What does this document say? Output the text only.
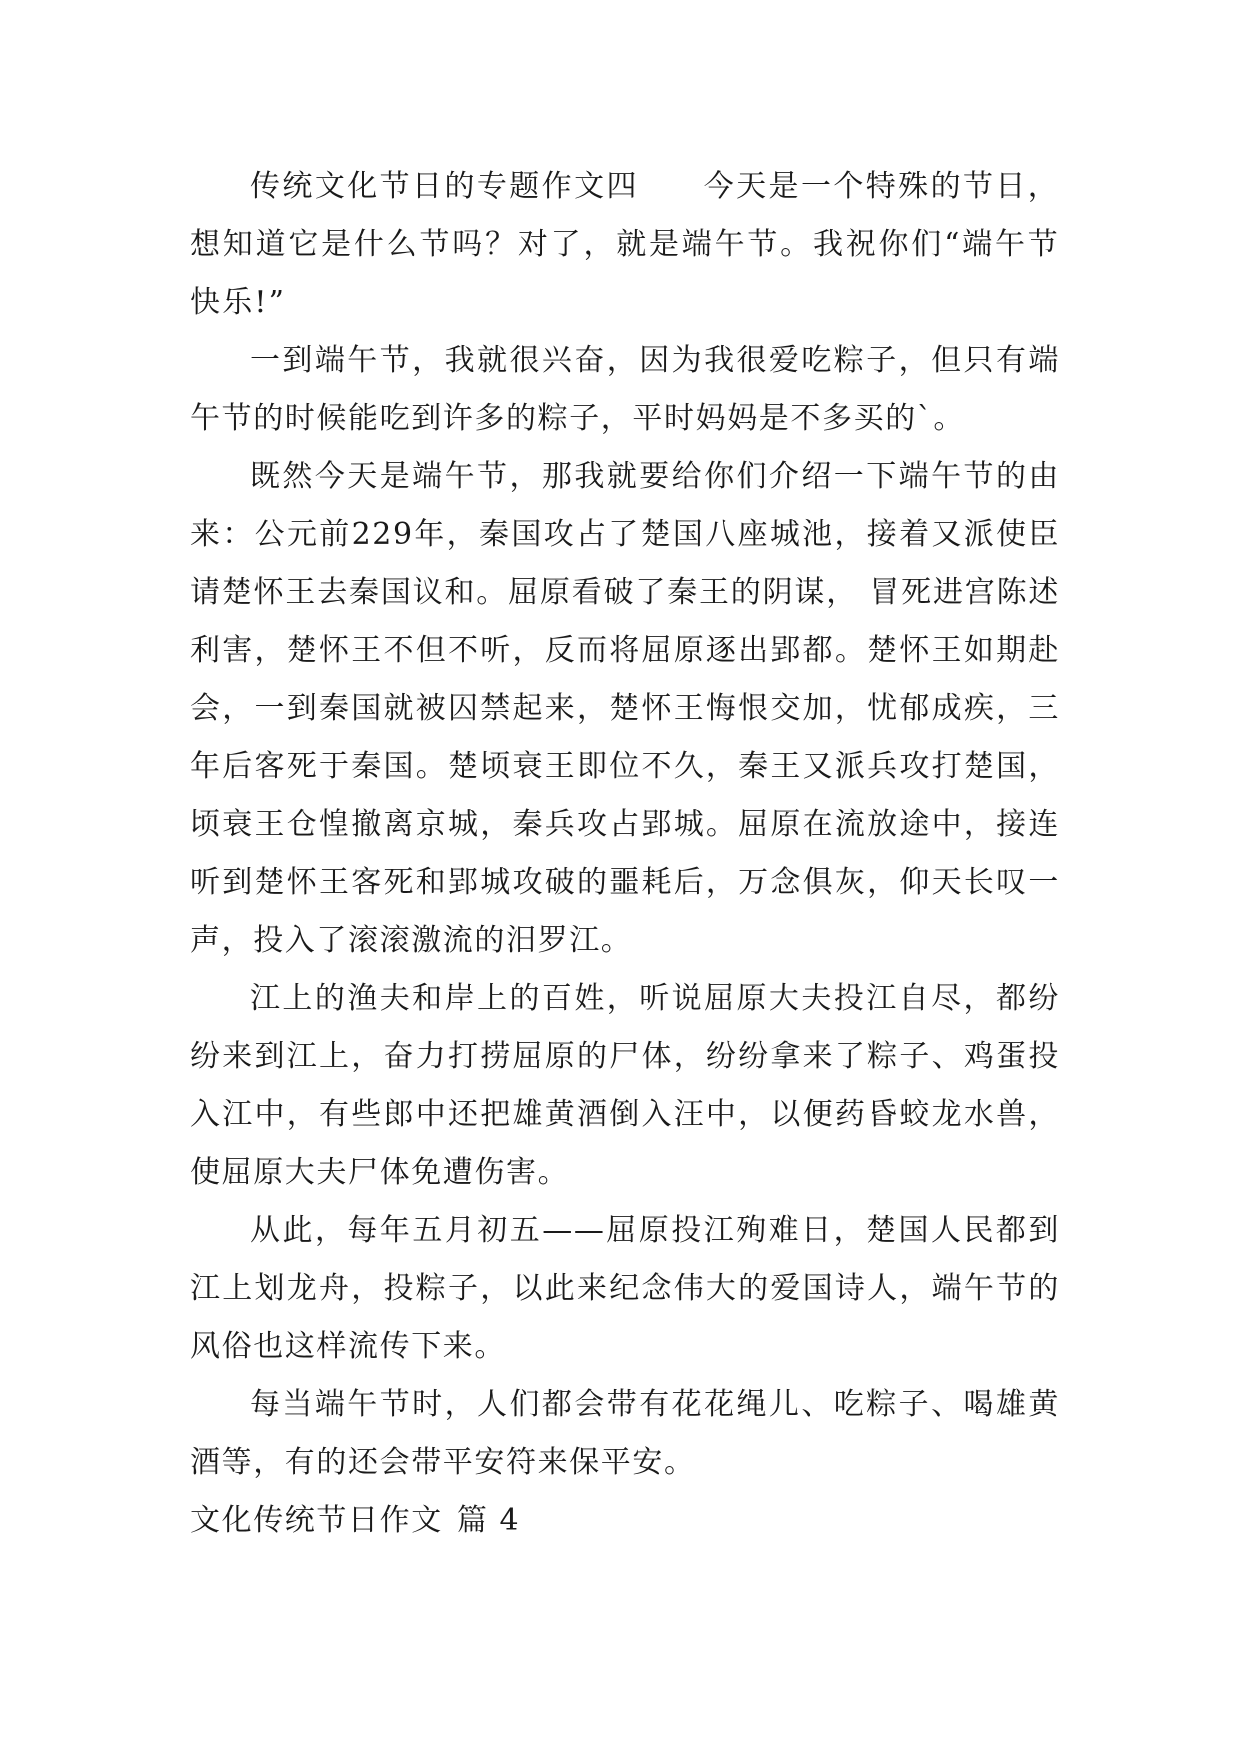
传统文化节日的专题作文四　　今天是一个特殊的节日，想知道它是什么节吗？对了，就是端午节。我祝你们“端午节快乐!”

一到端午节，我就很兴奋，因为我很爱吃粽子，但只有端午节的时候能吃到许多的粽子，平时妈妈是不多买的`。

既然今天是端午节，那我就要给你们介绍一下端午节的由来：公元前229年，秦国攻占了楚国八座城池，接着又派使臣请楚怀王去秦国议和。屈原看破了秦王的阴谋， 冒死进宫陈述利害，楚怀王不但不听，反而将屈原逐出郢都。楚怀王如期赴会，一到秦国就被囚禁起来，楚怀王悔恨交加，忧郁成疾，三年后客死于秦国。楚顷衰王即位不久，秦王又派兵攻打楚国，顷衰王仓惶撤离京城，秦兵攻占郢城。屈原在流放途中，接连听到楚怀王客死和郢城攻破的噩耗后，万念俱灰，仰天长叹一声，投入了滚滚激流的汨罗江。

江上的渔夫和岸上的百姓，听说屈原大夫投江自尽，都纷纷来到江上，奋力打捞屈原的尸体，纷纷拿来了粽子、鸡蛋投入江中，有些郎中还把雄黄酒倒入汪中，以便药昏蛟龙水兽，使屈原大夫尸体免遭伤害。

从此，每年五月初五——屈原投江殉难日，楚国人民都到江上划龙舟，投粽子，以此来纪念伟大的爱国诗人，端午节的风俗也这样流传下来。

每当端午节时，人们都会带有花花绳儿、吃粽子、喝雄黄酒等，有的还会带平安符来保平安。

文化传统节日作文 篇 4
